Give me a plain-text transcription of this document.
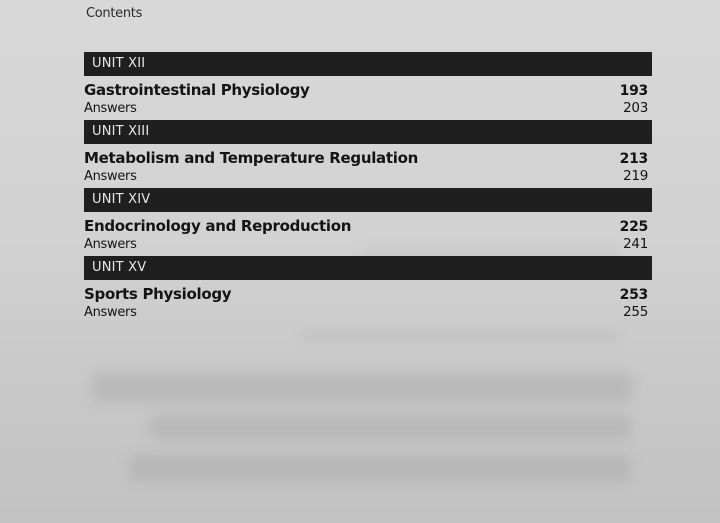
Contents
UNIT XII
Gastrointestinal Physiology	193
Answers	203
UNIT XIII
Metabolism and Temperature Regulation	213
Answers	219
UNIT XIV
Endocrinology and Reproduction	225
Answers	241
UNIT XV
Sports Physiology	253
Answers	255
